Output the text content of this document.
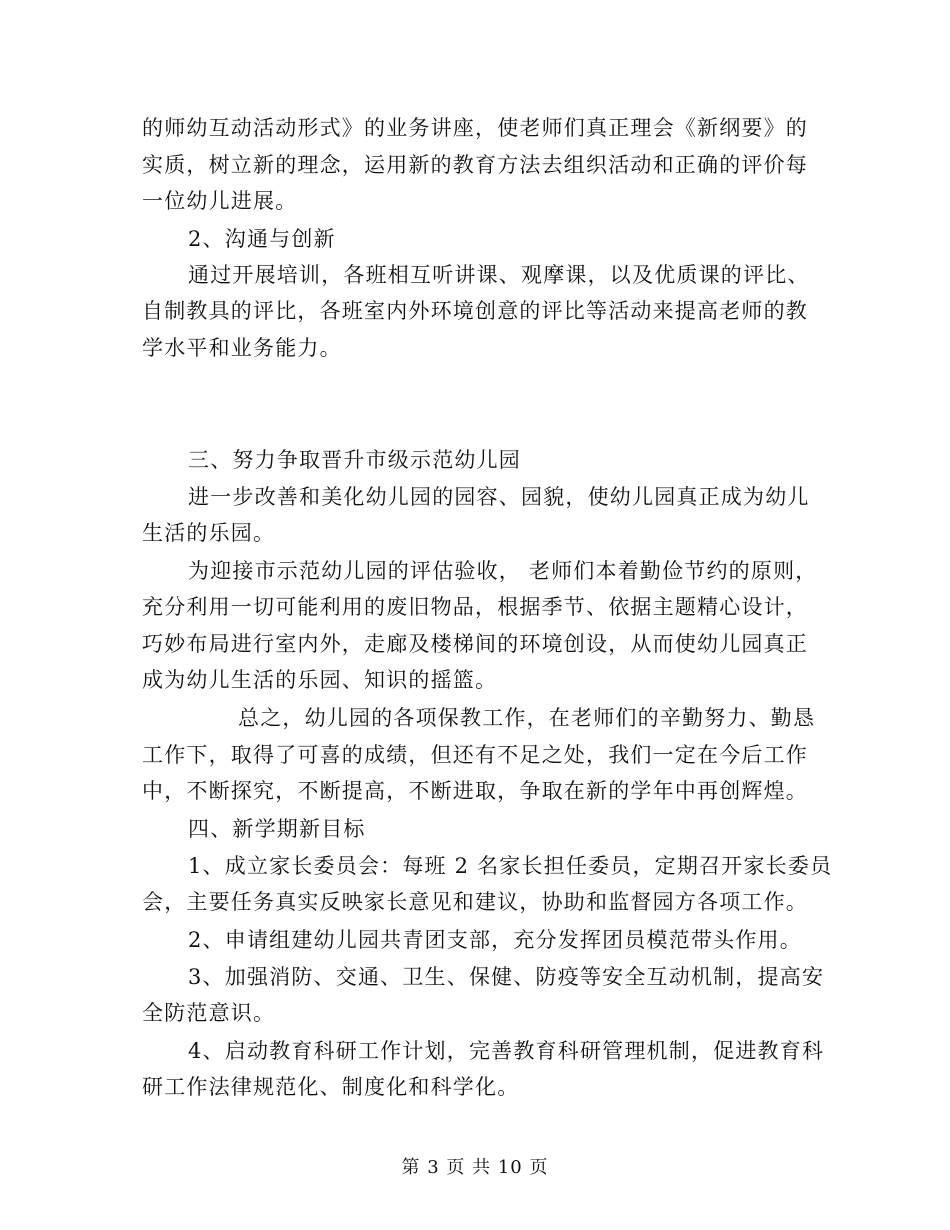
的师幼互动活动形式》的业务讲座，使老师们真正理会《新纲要》的
实质，树立新的理念，运用新的教育方法去组织活动和正确的评价每
一位幼儿进展。
2、沟通与创新
通过开展培训，各班相互听讲课、观摩课，以及优质课的评比、
自制教具的评比，各班室内外环境创意的评比等活动来提高老师的教
学水平和业务能力。
三、努力争取晋升市级示范幼儿园
进一步改善和美化幼儿园的园容、园貌，使幼儿园真正成为幼儿
生活的乐园。
为迎接市示范幼儿园的评估验收， 老师们本着勤俭节约的原则，
充分利用一切可能利用的废旧物品，根据季节、依据主题精心设计，
巧妙布局进行室内外，走廊及楼梯间的环境创设，从而使幼儿园真正
成为幼儿生活的乐园、知识的摇篮。
总之，幼儿园的各项保教工作，在老师们的辛勤努力、勤恳
工作下，取得了可喜的成绩，但还有不足之处，我们一定在今后工作
中，不断探究，不断提高，不断进取，争取在新的学年中再创辉煌。
四、新学期新目标
1、成立家长委员会：每班 2 名家长担任委员，定期召开家长委员
会，主要任务真实反映家长意见和建议，协助和监督园方各项工作。
2、申请组建幼儿园共青团支部，充分发挥团员模范带头作用。
3、加强消防、交通、卫生、保健、防疫等安全互动机制，提高安
全防范意识。
4、启动教育科研工作计划，完善教育科研管理机制，促进教育科
研工作法律规范化、制度化和科学化。
第 3 页 共 10 页
